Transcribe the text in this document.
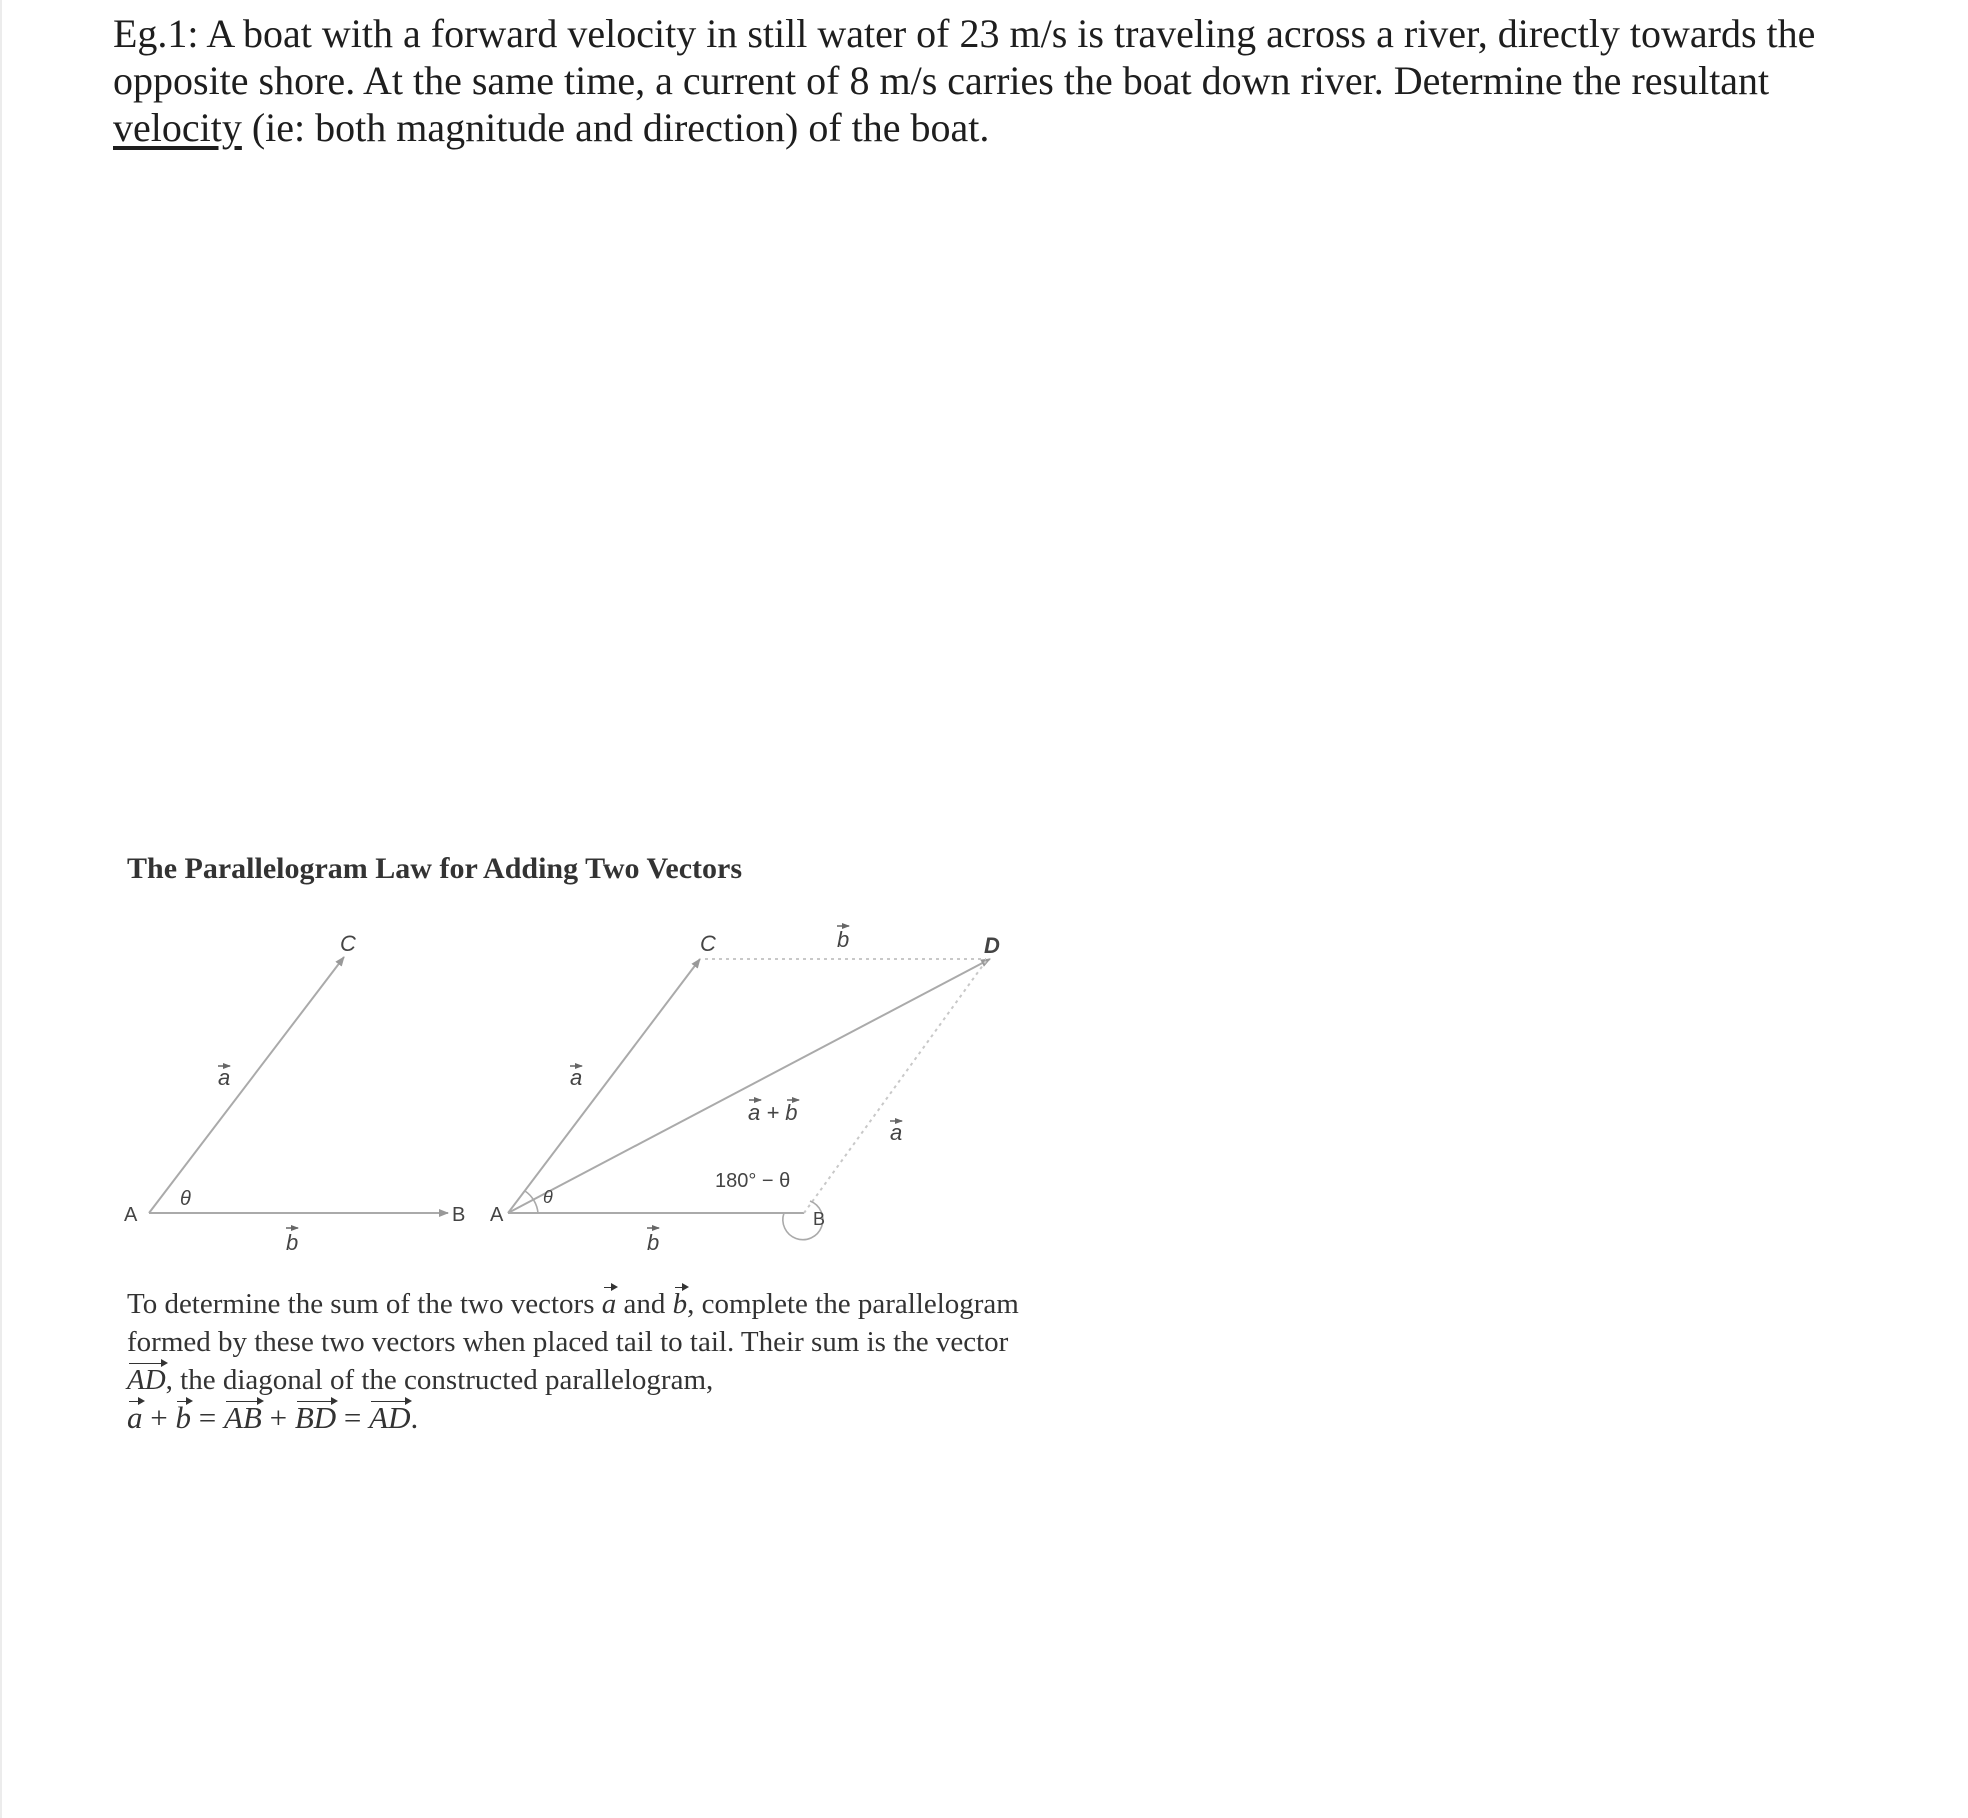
Eg.1: A boat with a forward velocity in still water of 23 m/s is traveling across a river, directly towards the

opposite shore. At the same time, a current of 8 m/s carries the boat down river. Determine the resultant

velocity (ie: both magnitude and direction) of the boat.

The Parallelogram Law for Adding Two Vectors
A	B
C
θ
a
b
A	B
C	D
θ
a
b
b
a
a + b
180° − θ

To determine the sum of the two vectors a and b, complete the parallelogram

formed by these two vectors when placed tail to tail. Their sum is the vector

AD, the diagonal of the constructed parallelogram,

a + b = AB + BD = AD.
